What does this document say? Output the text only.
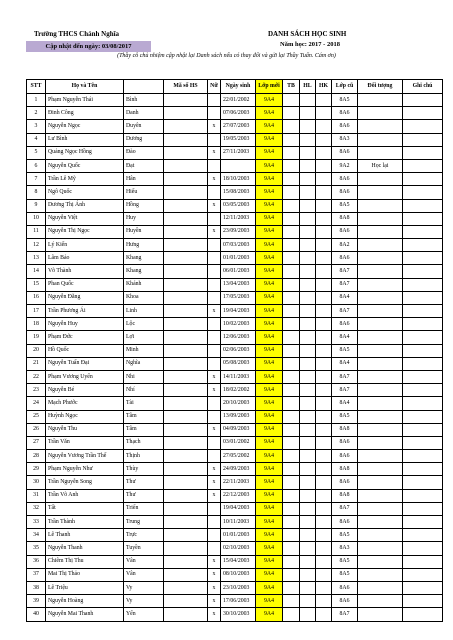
Trường THCS Chánh Nghĩa
Cập nhật đến ngày: 03/08/2017
DANH SÁCH HỌC SINH
Năm học: 2017 - 2018
(Thầy cô chủ nhiệm cập nhật lại Danh sách nếu có thay đổi và gửi lại Thầy Tuấn. Cám ơn)
STT	Họ và Tên		Mã số HS	Nữ	Ngày sinh	Lớp mới	TB	HL	HK	Lớp cũ	Đối tượng	Ghi chú
1	Phạm Nguyễn Thái	Bình			22/01/2002	9A4				8A5		
2	Đinh Công	Danh			07/06/2003	9A4				8A6		
3	Nguyễn Ngọc	Duyên		x	27/07/2003	9A4				8A6		
4	Lư Bình	Dương			19/05/2003	9A4				8A3		
5	Quảng Ngọc Hồng	Đào		x	27/11/2003	9A4				8A6		
6	Nguyễn Quốc	Đạt				9A4				9A2	Học lại	
7	Trần Lê Mỹ	Hân		x	18/10/2003	9A4				8A6		
8	Ngô Quốc	Hiếu			15/08/2003	9A4				8A6		
9	Dương Thị Ánh	Hồng		x	03/05/2003	9A4				8A5		
10	Nguyễn Việt	Huy			12/11/2003	9A4				8A8		
11	Nguyễn Thị Ngọc	Huyền		x	23/09/2003	9A4				8A6		
12	Lý Kiến	Hưng			07/03/2003	9A4				8A2		
13	Lâm Bảo	Khang			01/01/2003	9A4				8A6		
14	Võ Thành	Khang			06/01/2003	9A4				8A7		
15	Phan Quốc	Khánh			13/04/2003	9A4				8A7		
16	Nguyễn Đăng	Khoa			17/05/2003	9A4				8A4		
17	Trần Phương Ái	Linh		x	19/04/2003	9A4				8A7		
18	Nguyễn Huy	Lộc			10/02/2003	9A4				8A6		
19	Phạm Đức	Lợi			12/06/2003	9A4				8A4		
20	Hồ Quốc	Minh			02/06/2003	9A4				8A5		
21	Nguyễn Tuấn Đại	Nghĩa			05/08/2003	9A4				8A4		
22	Phạm Vương Uyển	Nhi		x	14/11/2003	9A4				8A7		
23	Nguyễn Bé	Nhí		x	18/02/2002	9A4				8A7		
24	Mạch Phước	Tài			20/10/2003	9A4				8A4		
25	Huỳnh Ngọc	Tâm			13/09/2003	9A4				8A5		
26	Nguyễn Thu	Tâm		x	04/09/2003	9A4				8A8		
27	Trần Văn	Thạch			03/01/2002	9A4				8A6		
28	Nguyễn Vương Trần Thế	Thịnh			27/05/2002	9A4				8A6		
29	Phạm Nguyễn Như	Thùy		x	24/09/2003	9A4				8A8		
30	Trần Nguyễn Song	Thư		x	22/11/2003	9A4				8A6		
31	Trần Võ Anh	Thư		x	22/12/2003	9A4				8A8		
32	Tất	Triển			19/04/2003	9A4				8A7		
33	Trần Thành	Trung			10/11/2003	9A4				8A6		
34	Lê Thanh	Trực			01/01/2003	9A4				8A5		
35	Nguyễn Thanh	Tuyền			02/10/2003	9A4				8A3		
36	Chiêm Thị Thu	Vân		x	15/04/2003	9A4				8A5		
37	Mai Thị Thảo	Vân		x	08/10/2003	9A4				8A5		
38	Lê Triệu	Vy		x	23/10/2003	9A4				8A6		
39	Nguyễn Hoàng	Vy		x	17/06/2003	9A4				8A6		
40	Nguyễn Mai Thanh	Yến		x	30/10/2003	9A4				8A7		
